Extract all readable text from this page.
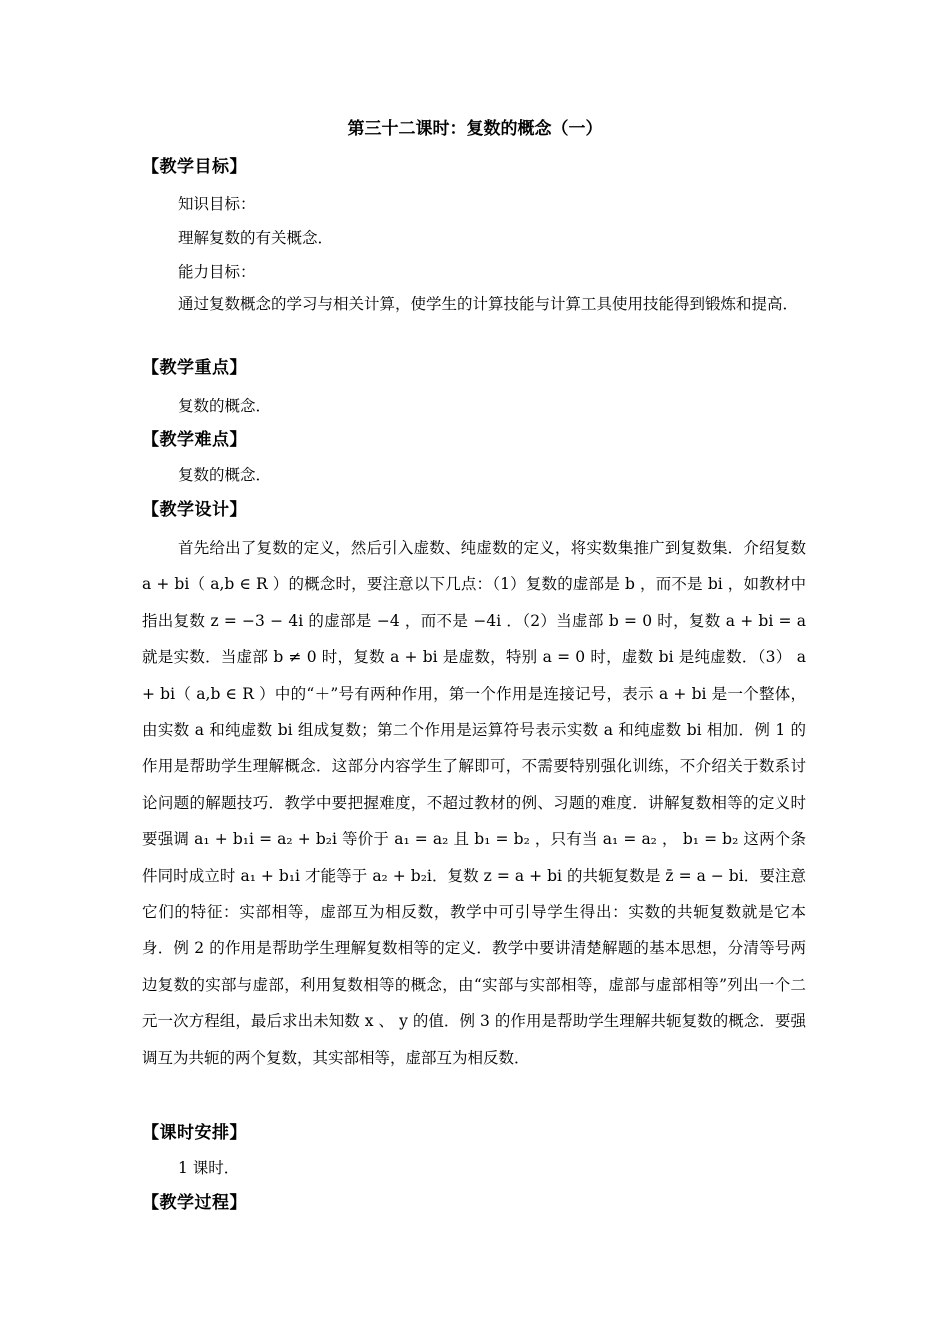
第三十二课时：复数的概念（一）
【教学目标】
知识目标：
理解复数的有关概念．
能力目标：
通过复数概念的学习与相关计算，使学生的计算技能与计算工具使用技能得到锻炼和提高．
【教学重点】
复数的概念．
【教学难点】
复数的概念．
【教学设计】
首先给出了复数的定义，然后引入虚数、纯虚数的定义，将实数集推广到复数集．介绍复数 a + bi（ a,b ∈ R ）的概念时，要注意以下几点：（1）复数的虚部是 b ，而不是 bi ，如教材中指出复数 z = −3 − 4i 的虚部是 −4 ，而不是 −4i ．（2）当虚部 b = 0 时，复数 a + bi = a 就是实数．当虚部 b ≠ 0 时，复数 a + bi 是虚数，特别 a = 0 时，虚数 bi 是纯虚数．（3） a + bi（ a,b ∈ R ）中的“＋”号有两种作用，第一个作用是连接记号，表示 a + bi 是一个整体，由实数 a 和纯虚数 bi 组成复数；第二个作用是运算符号表示实数 a 和纯虚数 bi 相加．例 1 的作用是帮助学生理解概念．这部分内容学生了解即可，不需要特别强化训练，不介绍关于数系讨论问题的解题技巧．教学中要把握难度，不超过教材的例、习题的难度．讲解复数相等的定义时要强调 a₁ + b₁i = a₂ + b₂i 等价于 a₁ = a₂ 且 b₁ = b₂ ，只有当 a₁ = a₂ ， b₁ = b₂ 这两个条件同时成立时 a₁ + b₁i 才能等于 a₂ + b₂i．复数 z = a + bi 的共轭复数是 z̄ = a − bi．要注意它们的特征：实部相等，虚部互为相反数，教学中可引导学生得出：实数的共轭复数就是它本身．例 2 的作用是帮助学生理解复数相等的定义．教学中要讲清楚解题的基本思想，分清等号两边复数的实部与虚部，利用复数相等的概念，由“实部与实部相等，虚部与虚部相等”列出一个二元一次方程组，最后求出未知数 x 、 y 的值．例 3 的作用是帮助学生理解共轭复数的概念．要强调互为共轭的两个复数，其实部相等，虚部互为相反数．
【课时安排】
1 课时．
【教学过程】
